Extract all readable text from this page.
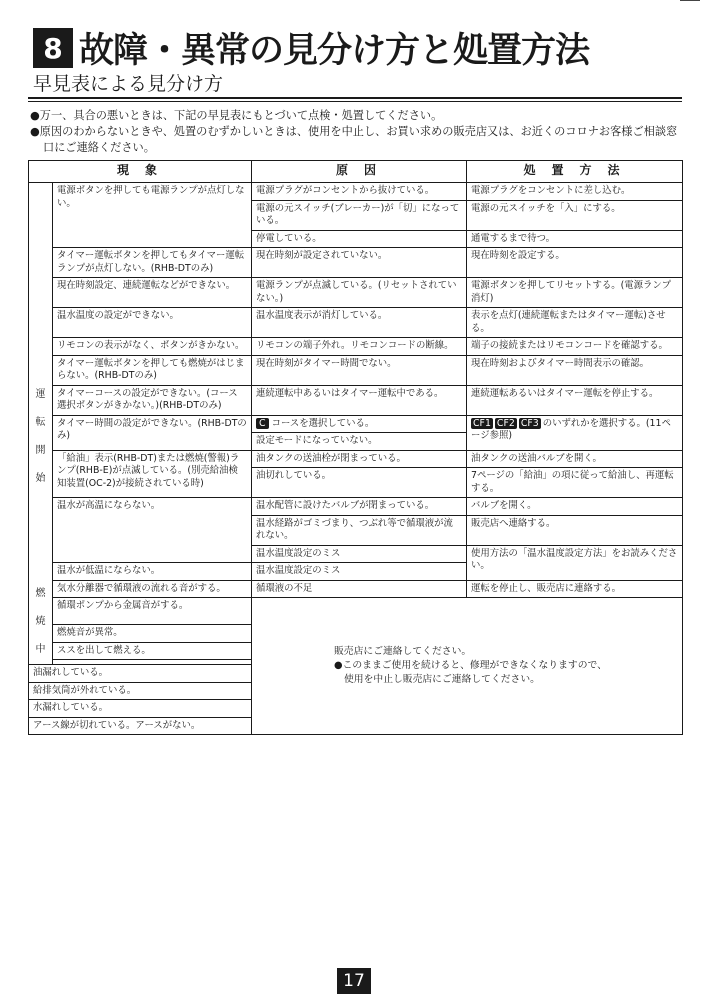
8 故障・異常の見分け方と処置方法
早見表による見分け方

● 万一、具合の悪いときは、下記の早見表にもとづいて点検・処置してください。

● 原因のわからないときや、処置のむずかしいときは、使用を中止し、お買い求めの販売店又は、お近くのコロナお客様ご相談窓口にご連絡ください。

現象		原因	処置方法

運
転
開
始	電源ボタンを押しても電源ランプが点灯しない。	電源プラグがコンセントから抜けている。	電源プラグをコンセントに差し込む。
		電源の元スイッチ(ブレーカー)が「切」になっている。	電源の元スイッチを「入」にする。
		停電している。	通電するまで待つ。
	タイマー運転ボタンを押してもタイマー運転ランプが点灯しない。(RHB-DTのみ)	現在時刻が設定されていない。	現在時刻を設定する。
	現在時刻設定、連続運転などができない。	電源ランプが点滅している。(リセットされていない。)	電源ボタンを押してリセットする。(電源ランプ消灯)
	温水温度の設定ができない。	温水温度表示が消灯している。	表示を点灯(連続運転またはタイマー運転)させる。
	リモコンの表示がなく、ボタンがきかない。	リモコンの端子外れ。リモコンコードの断線。	端子の接続またはリモコンコードを確認する。
	タイマー運転ボタンを押しても燃焼がはじまらない。(RHB-DTのみ)	現在時刻がタイマー時間でない。	現在時刻およびタイマー時間表示の確認。
	タイマーコースの設定ができない。(コース選択ボタンがきかない。)(RHB-DTのみ)	連続運転中あるいはタイマー運転中である。	連続運転あるいはタイマー運転を停止する。
	タイマー時間の設定ができない。(RHB-DTのみ)	C コースを選択している。	CF1 CF2 CF3 のいずれかを選択する。(11ページ参照)
		設定モードになっていない。	
	「給油」表示(RHB-DT)または燃焼(警報)ランプ(RHB-E)が点滅している。(別売給油検知装置(OC-2)が接続されている時)	油タンクの送油栓が閉まっている。	油タンクの送油バルブを開く。
		油切れしている。	7ページの「給油」の項に従って給油し、再運転する。
	温水が高温にならない。	温水配管に設けたバルブが閉まっている。	バルブを開く。
		温水経路がゴミづまり、つぶれ等で循環液が流れない。	販売店へ連絡する。
		温水温度設定のミス	使用方法の「温水温度設定方法」をお読みください。
	温水が低温にならない。	温水温度設定のミス	

燃
焼
中	気水分離器で循環液の流れる音がする。	循環液の不足	運転を停止し、販売店に連絡する。
	循環ポンプから金属音がする。	販売店にご連絡してください。
●このままご使用を続けると、修理ができなくなりますので、
使用を中止し販売店にご連絡してください。	

	燃焼音が異常。		
	ススを出して燃える。		

油漏れしている。			
給排気筒が外れている。			
水漏れしている。			
アース線が切れている。アースがない。			
17
